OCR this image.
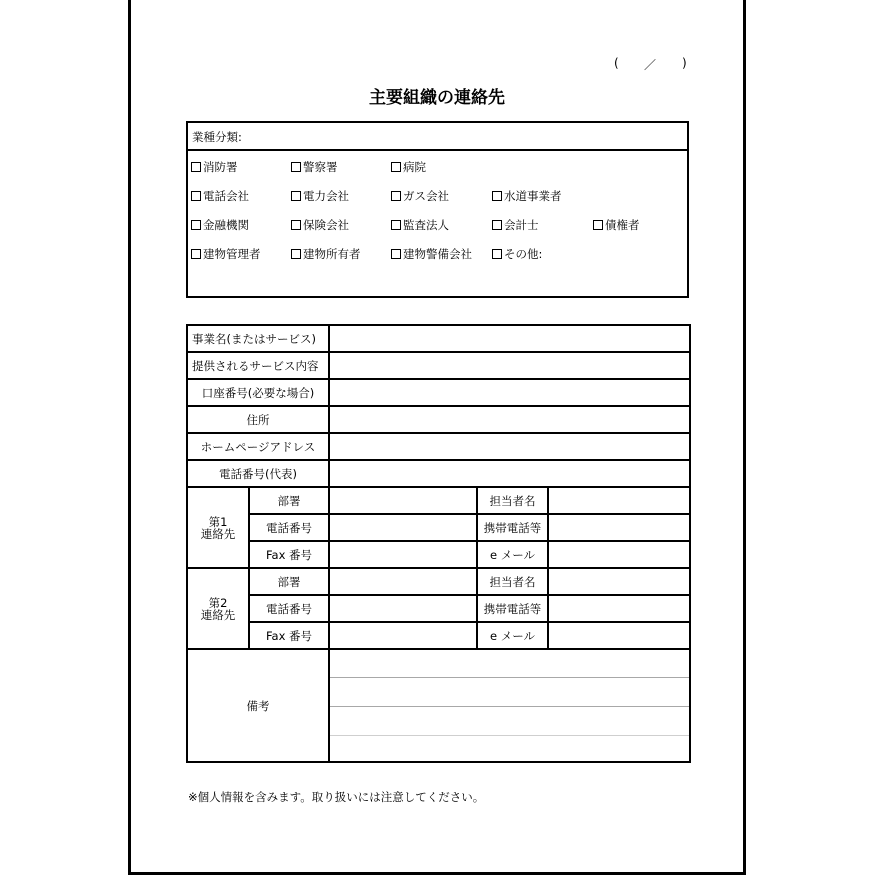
( ／ )
主要組織の連絡先
業種分類:
消防署	警察署	病院
電話会社	電力会社	ガス会社	水道事業者
金融機関	保険会社	監査法人	会計士	債権者
建物管理者	建物所有者	建物警備会社	その他:
事業名(またはサービス)				
提供されるサービス内容				
口座番号(必要な場合)				
住所				
ホームページアドレス				
電話番号(代表)				
第1
連絡先	部署		担当者名	
	電話番号		携帯電話等	
	Fax 番号		e メール	
第2
連絡先	部署		担当者名	
	電話番号		携帯電話等	
	Fax 番号		e メール	
備考				
※個人情報を含みます。取り扱いには注意してください。
